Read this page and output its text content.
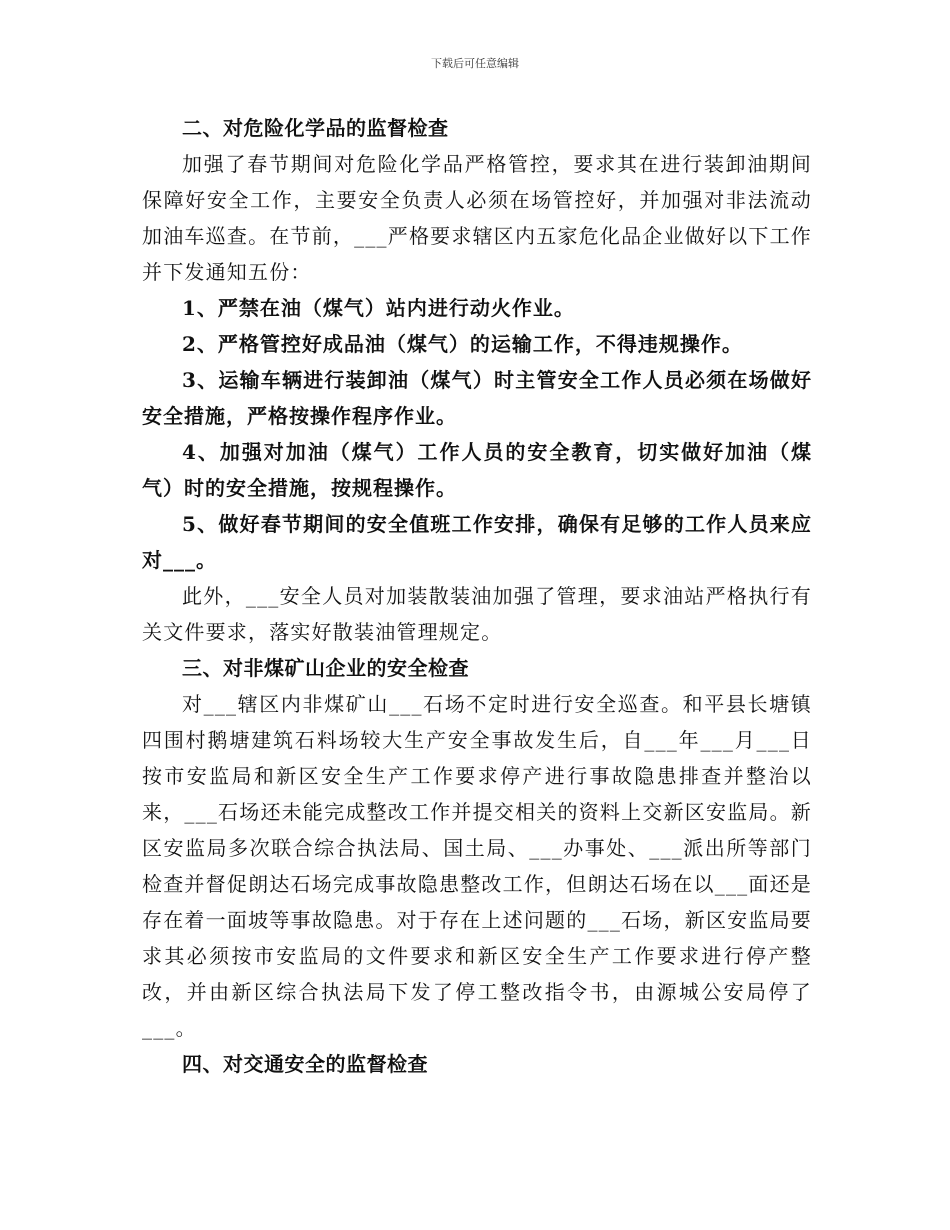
下载后可任意编辑

二、对危险化学品的监督检查

加强了春节期间对危险化学品严格管控，要求其在进行装卸油期间保障好安全工作，主要安全负责人必须在场管控好，并加强对非法流动加油车巡查。在节前，___严格要求辖区内五家危化品企业做好以下工作并下发通知五份：

1、严禁在油（煤气）站内进行动火作业。

2、严格管控好成品油（煤气）的运输工作，不得违规操作。

3、运输车辆进行装卸油（煤气）时主管安全工作人员必须在场做好安全措施，严格按操作程序作业。

4、加强对加油（煤气）工作人员的安全教育，切实做好加油（煤气）时的安全措施，按规程操作。

5、做好春节期间的安全值班工作安排，确保有足够的工作人员来应对___。

此外，___安全人员对加装散装油加强了管理，要求油站严格执行有关文件要求，落实好散装油管理规定。

三、对非煤矿山企业的安全检查

对___辖区内非煤矿山___石场不定时进行安全巡查。和平县长塘镇四围村鹅塘建筑石料场较大生产安全事故发生后，自___年___月___日按市安监局和新区安全生产工作要求停产进行事故隐患排查并整治以来，___石场还未能完成整改工作并提交相关的资料上交新区安监局。新区安监局多次联合综合执法局、国土局、___办事处、___派出所等部门检查并督促朗达石场完成事故隐患整改工作，但朗达石场在以___面还是存在着一面坡等事故隐患。对于存在上述问题的___石场，新区安监局要求其必须按市安监局的文件要求和新区安全生产工作要求进行停产整改，并由新区综合执法局下发了停工整改指令书，由源城公安局停了___。

四、对交通安全的监督检查
